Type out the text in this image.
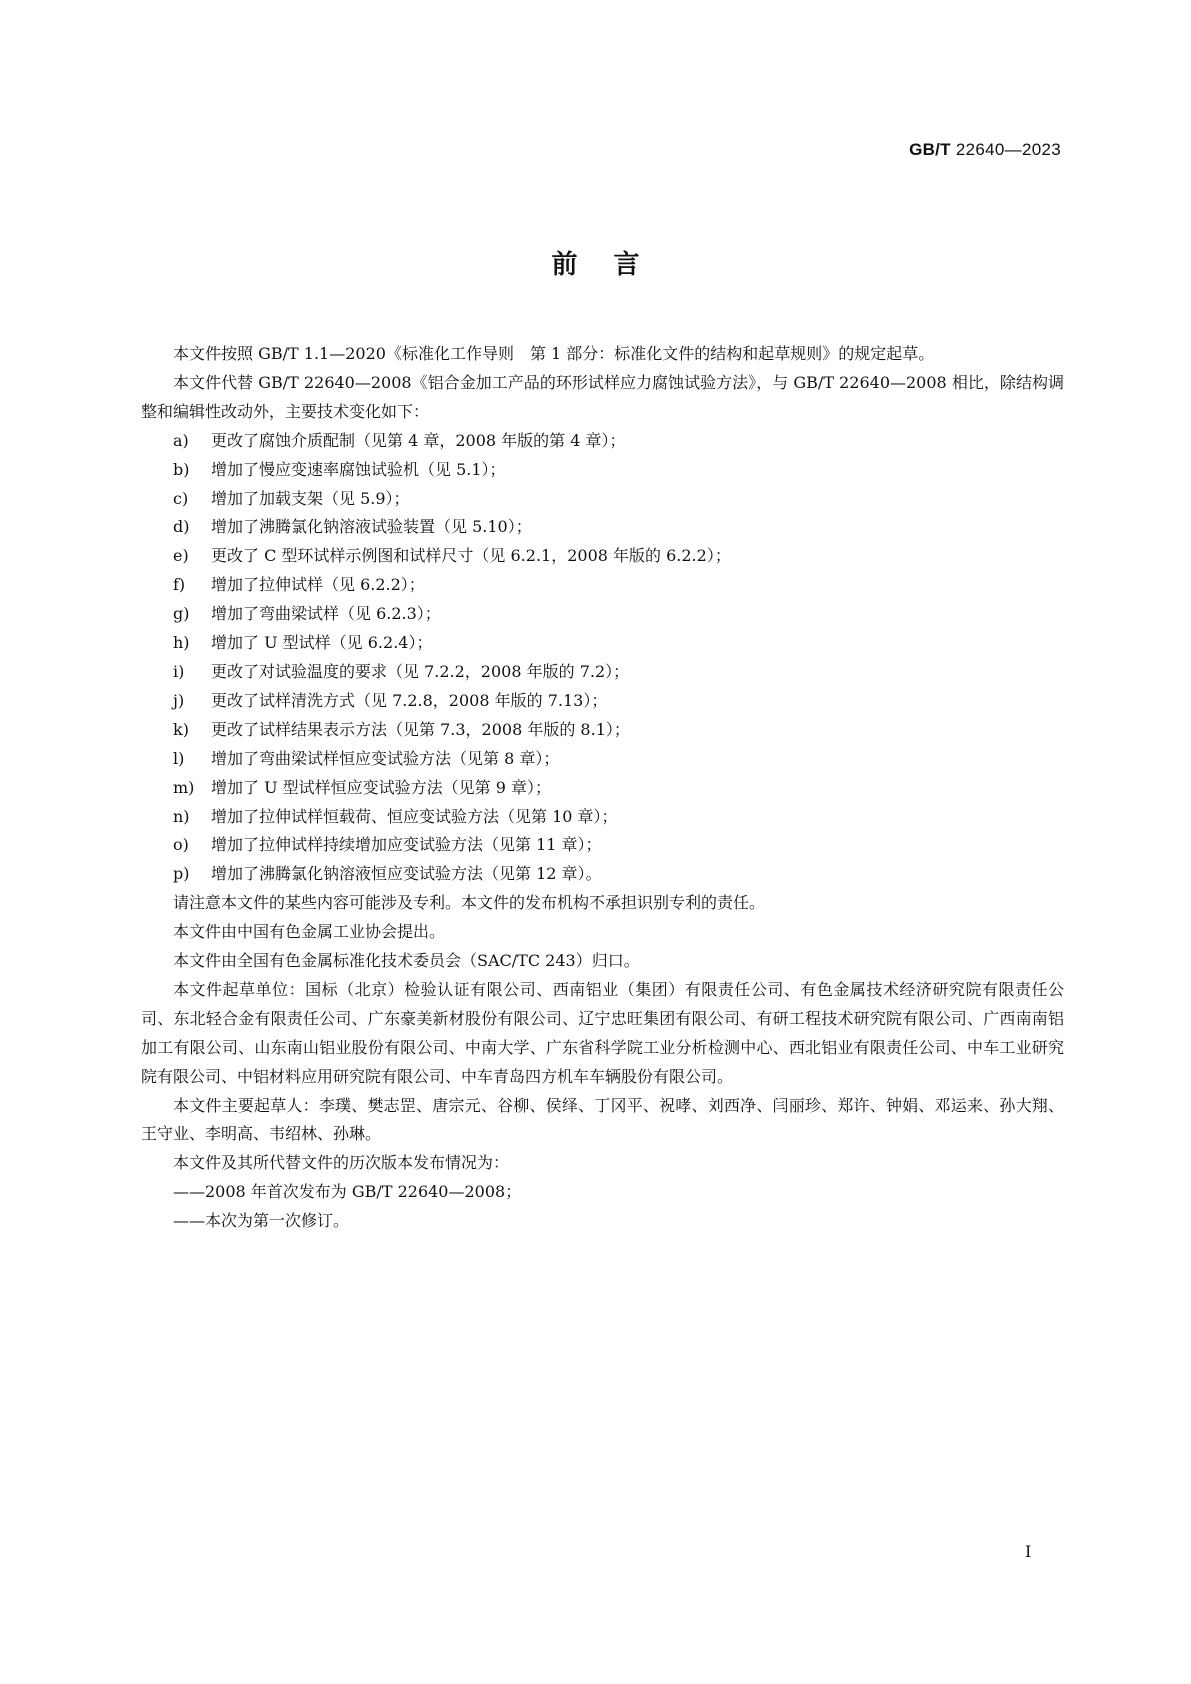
GB/T 22640—2023
前言

本文件按照 GB/T 1.1—2020《标准化工作导则　第 1 部分：标准化文件的结构和起草规则》的规定起草。

本文件代替 GB/T 22640—2008《铝合金加工产品的环形试样应力腐蚀试验方法》，与 GB/T 22640—2008 相比，除结构调整和编辑性改动外，主要技术变化如下：

a) 更改了腐蚀介质配制（见第 4 章，2008 年版的第 4 章）；

b) 增加了慢应变速率腐蚀试验机（见 5.1）；

c) 增加了加载支架（见 5.9）；

d) 增加了沸腾氯化钠溶液试验装置（见 5.10）；

e) 更改了 C 型环试样示例图和试样尺寸（见 6.2.1，2008 年版的 6.2.2）；

f) 增加了拉伸试样（见 6.2.2）；

g) 增加了弯曲梁试样（见 6.2.3）；

h) 增加了 U 型试样（见 6.2.4）；

i) 更改了对试验温度的要求（见 7.2.2，2008 年版的 7.2）；

j) 更改了试样清洗方式（见 7.2.8，2008 年版的 7.13）；

k) 更改了试样结果表示方法（见第 7.3，2008 年版的 8.1）；

l) 增加了弯曲梁试样恒应变试验方法（见第 8 章）；

m) 增加了 U 型试样恒应变试验方法（见第 9 章）；

n) 增加了拉伸试样恒载荷、恒应变试验方法（见第 10 章）；

o) 增加了拉伸试样持续增加应变试验方法（见第 11 章）；

p) 增加了沸腾氯化钠溶液恒应变试验方法（见第 12 章）。

请注意本文件的某些内容可能涉及专利。本文件的发布机构不承担识别专利的责任。

本文件由中国有色金属工业协会提出。

本文件由全国有色金属标准化技术委员会（SAC/TC 243）归口。

本文件起草单位：国标（北京）检验认证有限公司、西南铝业（集团）有限责任公司、有色金属技术经济研究院有限责任公司、东北轻合金有限责任公司、广东豪美新材股份有限公司、辽宁忠旺集团有限公司、有研工程技术研究院有限公司、广西南南铝加工有限公司、山东南山铝业股份有限公司、中南大学、广东省科学院工业分析检测中心、西北铝业有限责任公司、中车工业研究院有限公司、中铝材料应用研究院有限公司、中车青岛四方机车车辆股份有限公司。

本文件主要起草人：李璞、樊志罡、唐宗元、谷柳、侯绎、丁冈平、祝哮、刘西净、闫丽珍、郑许、钟娟、邓运来、孙大翔、王守业、李明高、韦绍林、孙琳。

本文件及其所代替文件的历次版本发布情况为：

——2008 年首次发布为 GB/T 22640—2008；

——本次为第一次修订。

I
